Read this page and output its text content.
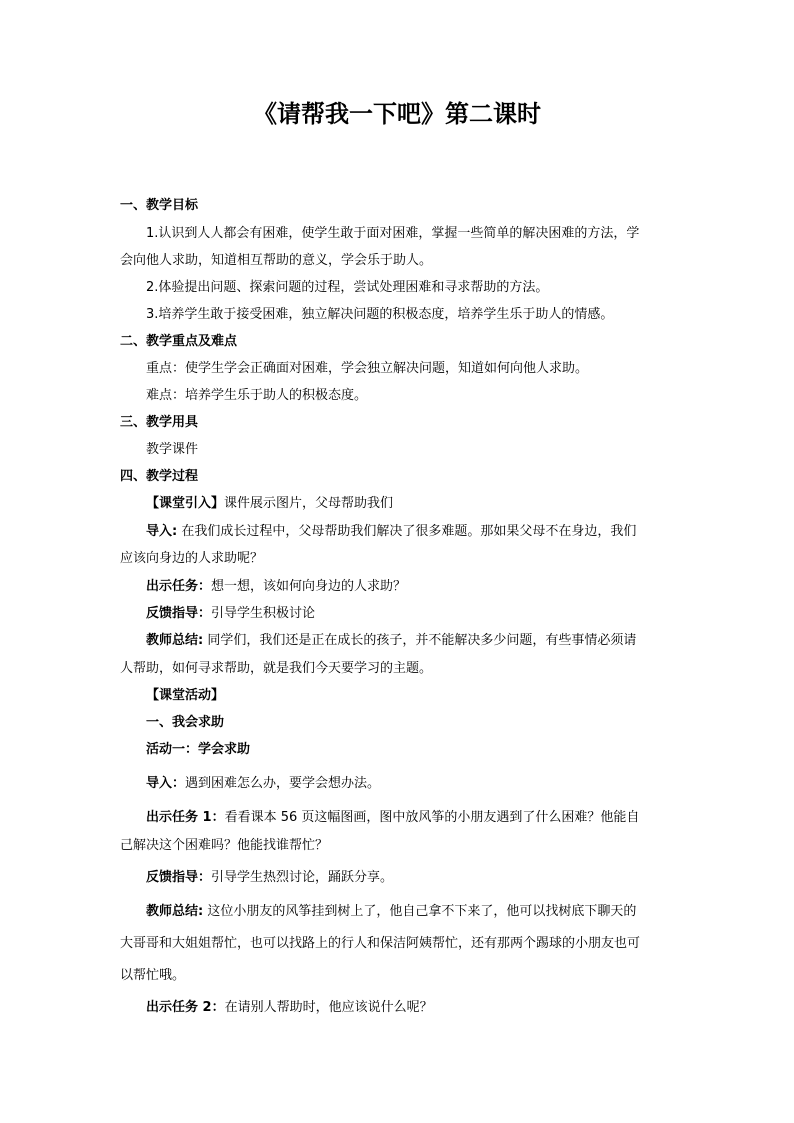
《请帮我一下吧》第二课时
一、教学目标
1.认识到人人都会有困难，使学生敢于面对困难，掌握一些简单的解决困难的方法，学
会向他人求助，知道相互帮助的意义，学会乐于助人。
2.体验提出问题、探索问题的过程，尝试处理困难和寻求帮助的方法。
3.培养学生敢于接受困难，独立解决问题的积极态度，培养学生乐于助人的情感。
二、教学重点及难点
重点：使学生学会正确面对困难，学会独立解决问题，知道如何向他人求助。
难点：培养学生乐于助人的积极态度。
三、教学用具
教学课件
四、教学过程
【课堂引入】课件展示图片，父母帮助我们
导入: 在我们成长过程中，父母帮助我们解决了很多难题。那如果父母不在身边，我们
应该向身边的人求助呢？
出示任务：想一想，该如何向身边的人求助？
反馈指导：引导学生积极讨论
教师总结: 同学们，我们还是正在成长的孩子，并不能解决多少问题，有些事情必须请
人帮助，如何寻求帮助，就是我们今天要学习的主题。
【课堂活动】
一、我会求助
活动一：学会求助
导入：遇到困难怎么办，要学会想办法。
出示任务 1：看看课本 56 页这幅图画，图中放风筝的小朋友遇到了什么困难？他能自
己解决这个困难吗？他能找谁帮忙？
反馈指导：引导学生热烈讨论，踊跃分享。
教师总结: 这位小朋友的风筝挂到树上了，他自己拿不下来了，他可以找树底下聊天的
大哥哥和大姐姐帮忙，也可以找路上的行人和保洁阿姨帮忙，还有那两个踢球的小朋友也可
以帮忙哦。
出示任务 2：在请别人帮助时，他应该说什么呢？
